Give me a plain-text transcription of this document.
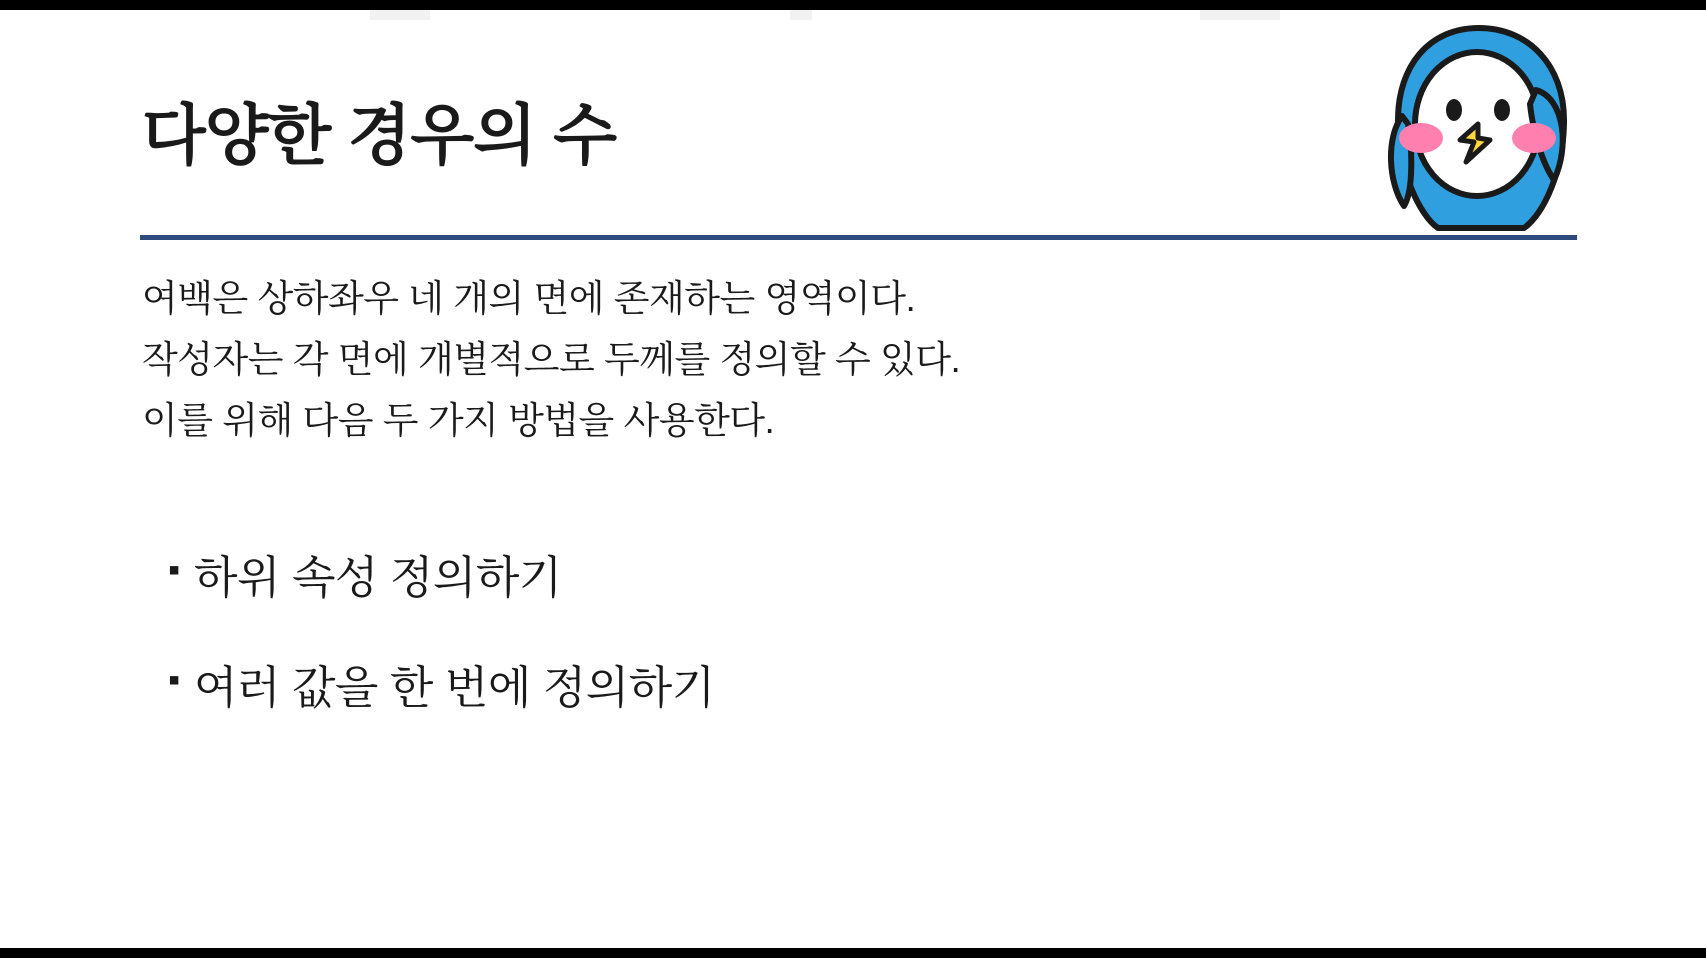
다양한 경우의 수
여백은 상하좌우 네 개의 면에 존재하는 영역이다.
작성자는 각 면에 개별적으로 두께를 정의할 수 있다.
이를 위해 다음 두 가지 방법을 사용한다.
▪ 하위 속성 정의하기
▪ 여러 값을 한 번에 정의하기
